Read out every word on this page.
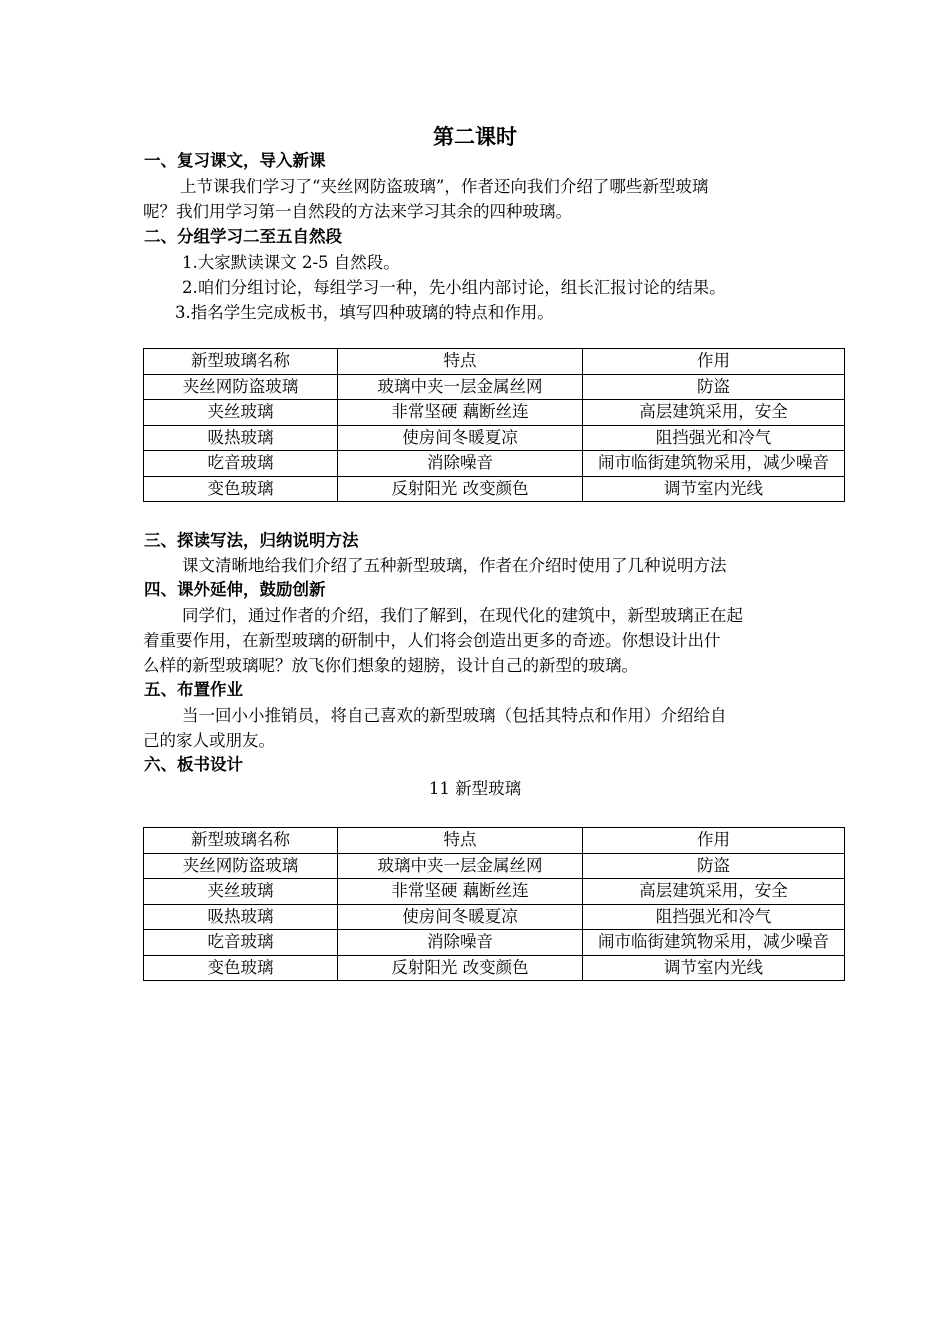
第二课时
一、复习课文，导入新课
上节课我们学习了“夹丝网防盗玻璃”，作者还向我们介绍了哪些新型玻璃
呢？我们用学习第一自然段的方法来学习其余的四种玻璃。
二、分组学习二至五自然段
1.大家默读课文 2-5 自然段。
2.咱们分组讨论，每组学习一种，先小组内部讨论，组长汇报讨论的结果。
3.指名学生完成板书，填写四种玻璃的特点和作用。
新型玻璃名称	特点	作用
夹丝网防盗玻璃	玻璃中夹一层金属丝网	防盗
夹丝玻璃	非常坚硬 藕断丝连	高层建筑采用，安全
吸热玻璃	使房间冬暖夏凉	阻挡强光和冷气
吃音玻璃	消除噪音	闹市临街建筑物采用，减少噪音
变色玻璃	反射阳光 改变颜色	调节室内光线
三、探读写法，归纳说明方法
课文清晰地给我们介绍了五种新型玻璃，作者在介绍时使用了几种说明方法
四、课外延伸，鼓励创新
同学们，通过作者的介绍，我们了解到，在现代化的建筑中，新型玻璃正在起
着重要作用，在新型玻璃的研制中，人们将会创造出更多的奇迹。你想设计出什
么样的新型玻璃呢？放飞你们想象的翅膀，设计自己的新型的玻璃。
五、布置作业
当一回小小推销员，将自己喜欢的新型玻璃（包括其特点和作用）介绍给自
己的家人或朋友。
六、板书设计
11 新型玻璃
新型玻璃名称	特点	作用
夹丝网防盗玻璃	玻璃中夹一层金属丝网	防盗
夹丝玻璃	非常坚硬 藕断丝连	高层建筑采用，安全
吸热玻璃	使房间冬暖夏凉	阻挡强光和冷气
吃音玻璃	消除噪音	闹市临街建筑物采用，减少噪音
变色玻璃	反射阳光 改变颜色	调节室内光线
